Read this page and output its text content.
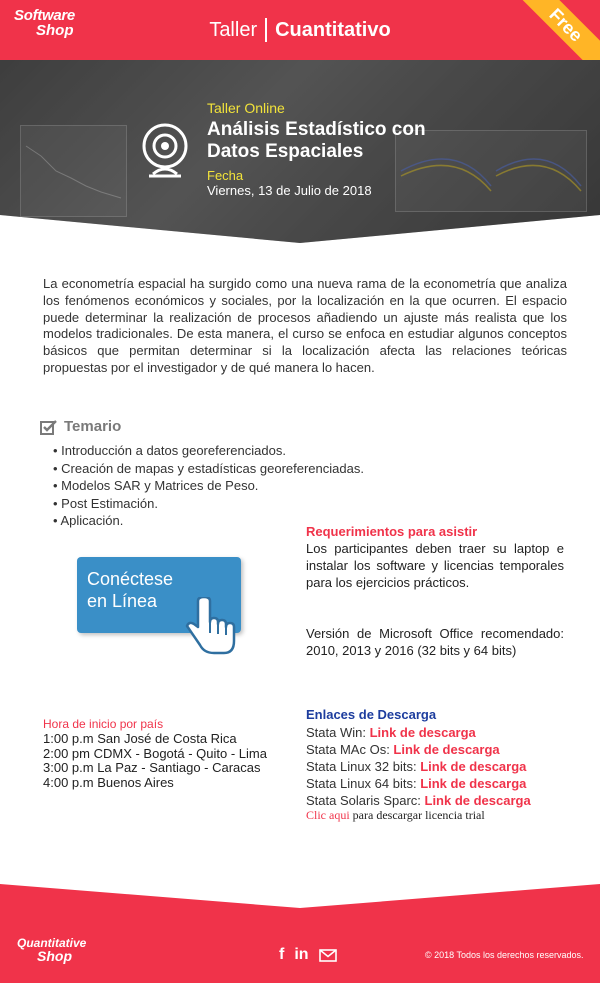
Software
Shop	Taller Cuantitativo	Free
Taller Online
Análisis Estadístico con
Datos Espaciales
Fecha
Viernes, 13 de Julio de 2018
La econometría espacial ha surgido como una nueva rama de la econometría que analiza los fenómenos económicos y sociales, por la localización en la que ocurren. El espacio puede determinar la realización de procesos añadiendo un ajuste más realista que los modelos tradicionales. De esta manera, el curso se enfoca en estudiar algunos conceptos básicos que permitan determinar si la localización afecta las relaciones teóricas propuestas por el investigador y de qué manera lo hacen.
Temario
• Introducción a datos georeferenciados.
• Creación de mapas y estadísticas georeferenciadas.
• Modelos SAR y Matrices de Peso.
• Post Estimación.
• Aplicación.
Conéctese
en Línea
Requerimientos para asistir
Los participantes deben traer su laptop e instalar los software y licencias temporales para los ejercicios prácticos.
Versión de Microsoft Office recomendado: 2010, 2013 y 2016 (32 bits y 64 bits)
Hora de inicio por país
1:00 p.m San José de Costa Rica
2:00 pm CDMX - Bogotá - Quito - Lima
3:00 p.m La Paz - Santiago - Caracas
4:00 p.m Buenos Aires
Enlaces de Descarga
Stata Win: Link de descarga
Stata MAc Os: Link de descarga
Stata Linux 32 bits: Link de descarga
Stata Linux 64 bits: Link de descarga
Stata Solaris Sparc: Link de descarga
Clic aqui para descargar licencia trial
Quantitative
Shop	f in	© 2018 Todos los derechos reservados.
